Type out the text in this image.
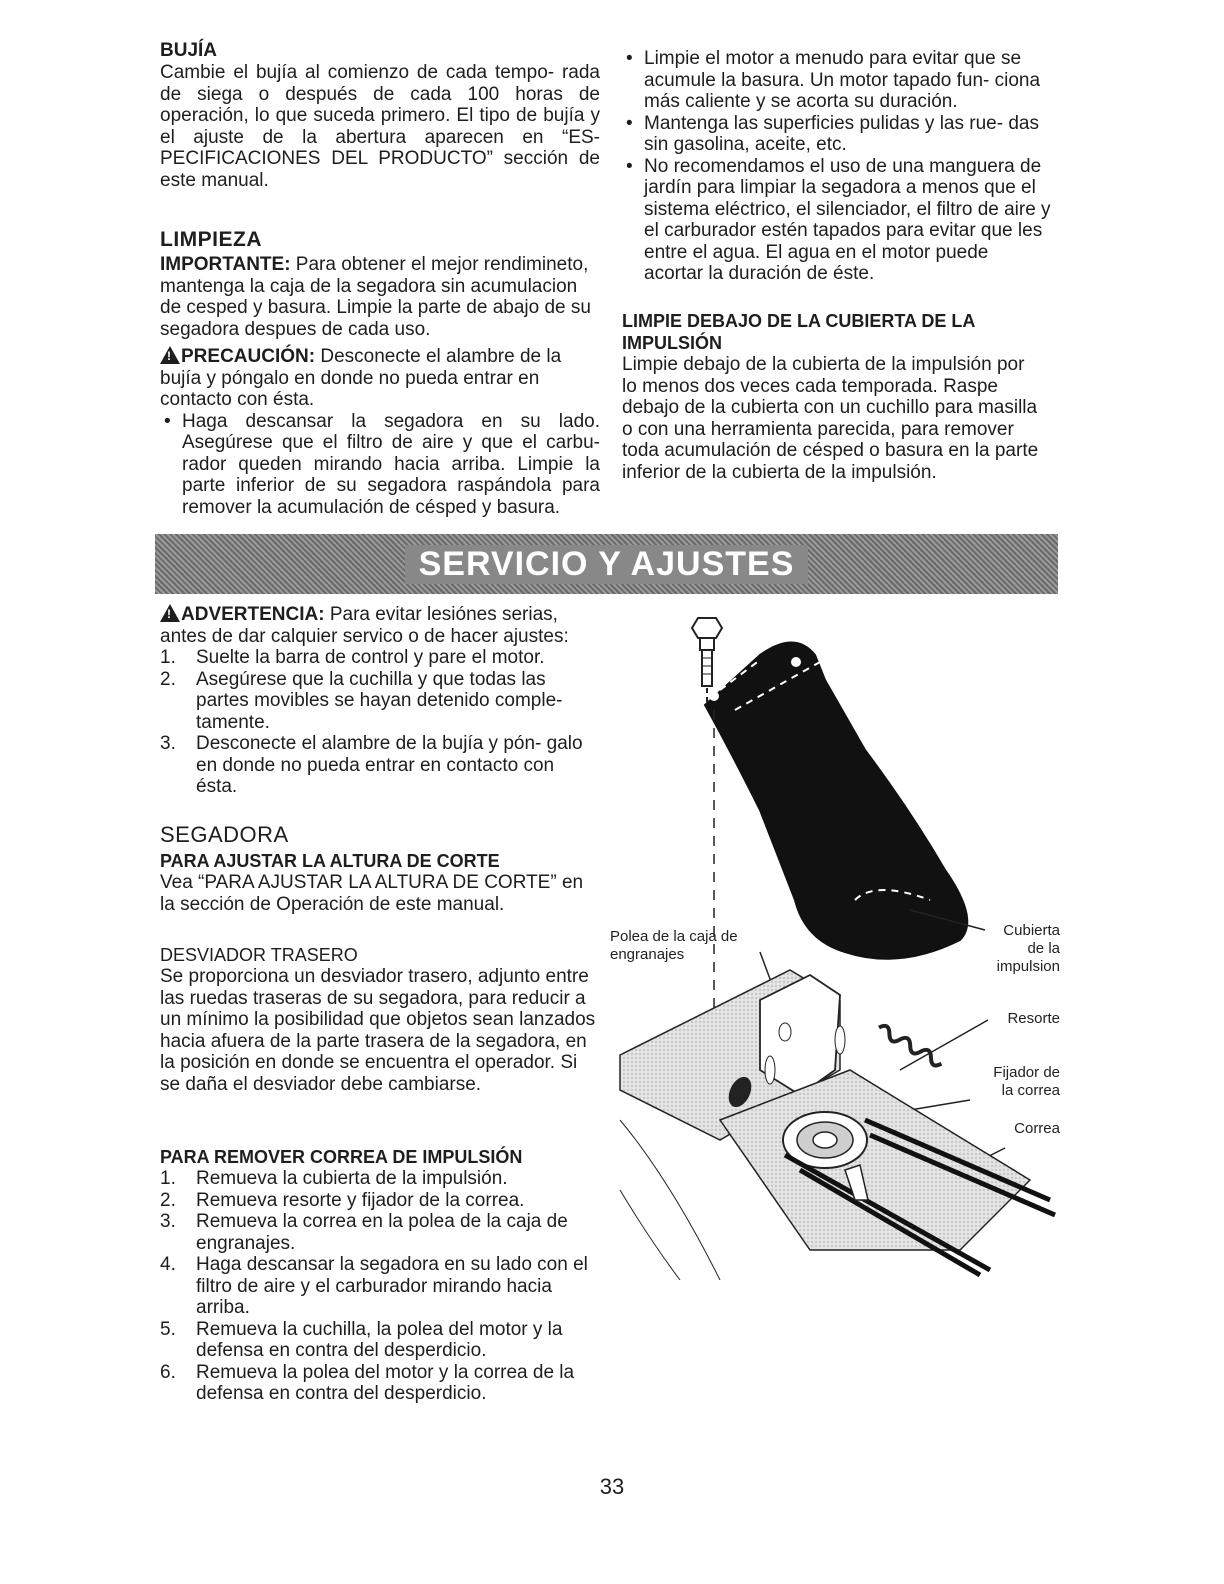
BUJÍA

Cambie el bujía al comienzo de cada tempo- rada de siega o después de cada 100 horas de operación, lo que suceda primero. El tipo de bujía y el ajuste de la abertura aparecen en “ES- PECIFICACIONES DEL PRODUCTO” sección de este manual.

LIMPIEZA

IMPORTANTE: Para obtener el mejor rendimineto, mantenga la caja de la segadora sin acumulacion de cesped y basura. Limpie la parte de abajo de su segadora despues de cada uso.

!PRECAUCIÓN: Desconecte el alambre de la bujía y póngalo en donde no pueda entrar en contacto con ésta.

• Haga descansar la segadora en su lado. Asegúrese que el filtro de aire y que el carbu- rador queden mirando hacia arriba. Limpie la parte inferior de su segadora raspándola para remover la acumulación de césped y basura.
• Limpie el motor a menudo para evitar que se acumule la basura. Un motor tapado fun- ciona más caliente y se acorta su duración.
• Mantenga las superficies pulidas y las rue- das sin gasolina, aceite, etc.
• No recomendamos el uso de una manguera de jardín para limpiar la segadora a menos que el sistema eléctrico, el silenciador, el filtro de aire y el carburador estén tapados para evitar que les entre el agua. El agua en el motor puede acortar la duración de éste.

LIMPIE DEBAJO DE LA CUBIERTA DE LA IMPULSIÓN

Limpie debajo de la cubierta de la impulsión por lo menos dos veces cada temporada. Raspe debajo de la cubierta con un cuchillo para masilla o con una herramienta parecida, para remover toda acumulación de césped o basura en la parte inferior de la cubierta de la impulsión.

SERVICIO Y AJUSTES

!ADVERTENCIA: Para evitar lesiónes serias, antes de dar calquier servico o de hacer ajustes:

1. Suelte la barra de control y pare el motor.
2. Asegúrese que la cuchilla y que todas las partes movibles se hayan detenido comple- tamente.
3. Desconecte el alambre de la bujía y pón- galo en donde no pueda entrar en contacto con ésta.

SEGADORA

PARA AJUSTAR LA ALTURA DE CORTE

Vea “PARA AJUSTAR LA ALTURA DE CORTE” en la sección de Operación de este manual.

DESVIADOR TRASERO

Se proporciona un desviador trasero, adjunto entre las ruedas traseras de su segadora, para reducir a un mínimo la posibilidad que objetos sean lanzados hacia afuera de la parte trasera de la segadora, en la posición en donde se encuentra el operador. Si se daña el desviador debe cambiarse.

PARA REMOVER CORREA DE IMPULSIÓN

1. Remueva la cubierta de la impulsión.
2. Remueva resorte y fijador de la correa.
3. Remueva la correa en la polea de la caja de engranajes.
4. Haga descansar la segadora en su lado con el filtro de aire y el carburador mirando hacia arriba.
5. Remueva la cuchilla, la polea del motor y la defensa en contra del desperdicio.
6. Remueva la polea del motor y la correa de la defensa en contra del desperdicio.
Polea de la caja de
engranajes
Cubierta
de la
impulsion
Resorte
Fijador de
la correa
Correa
33
